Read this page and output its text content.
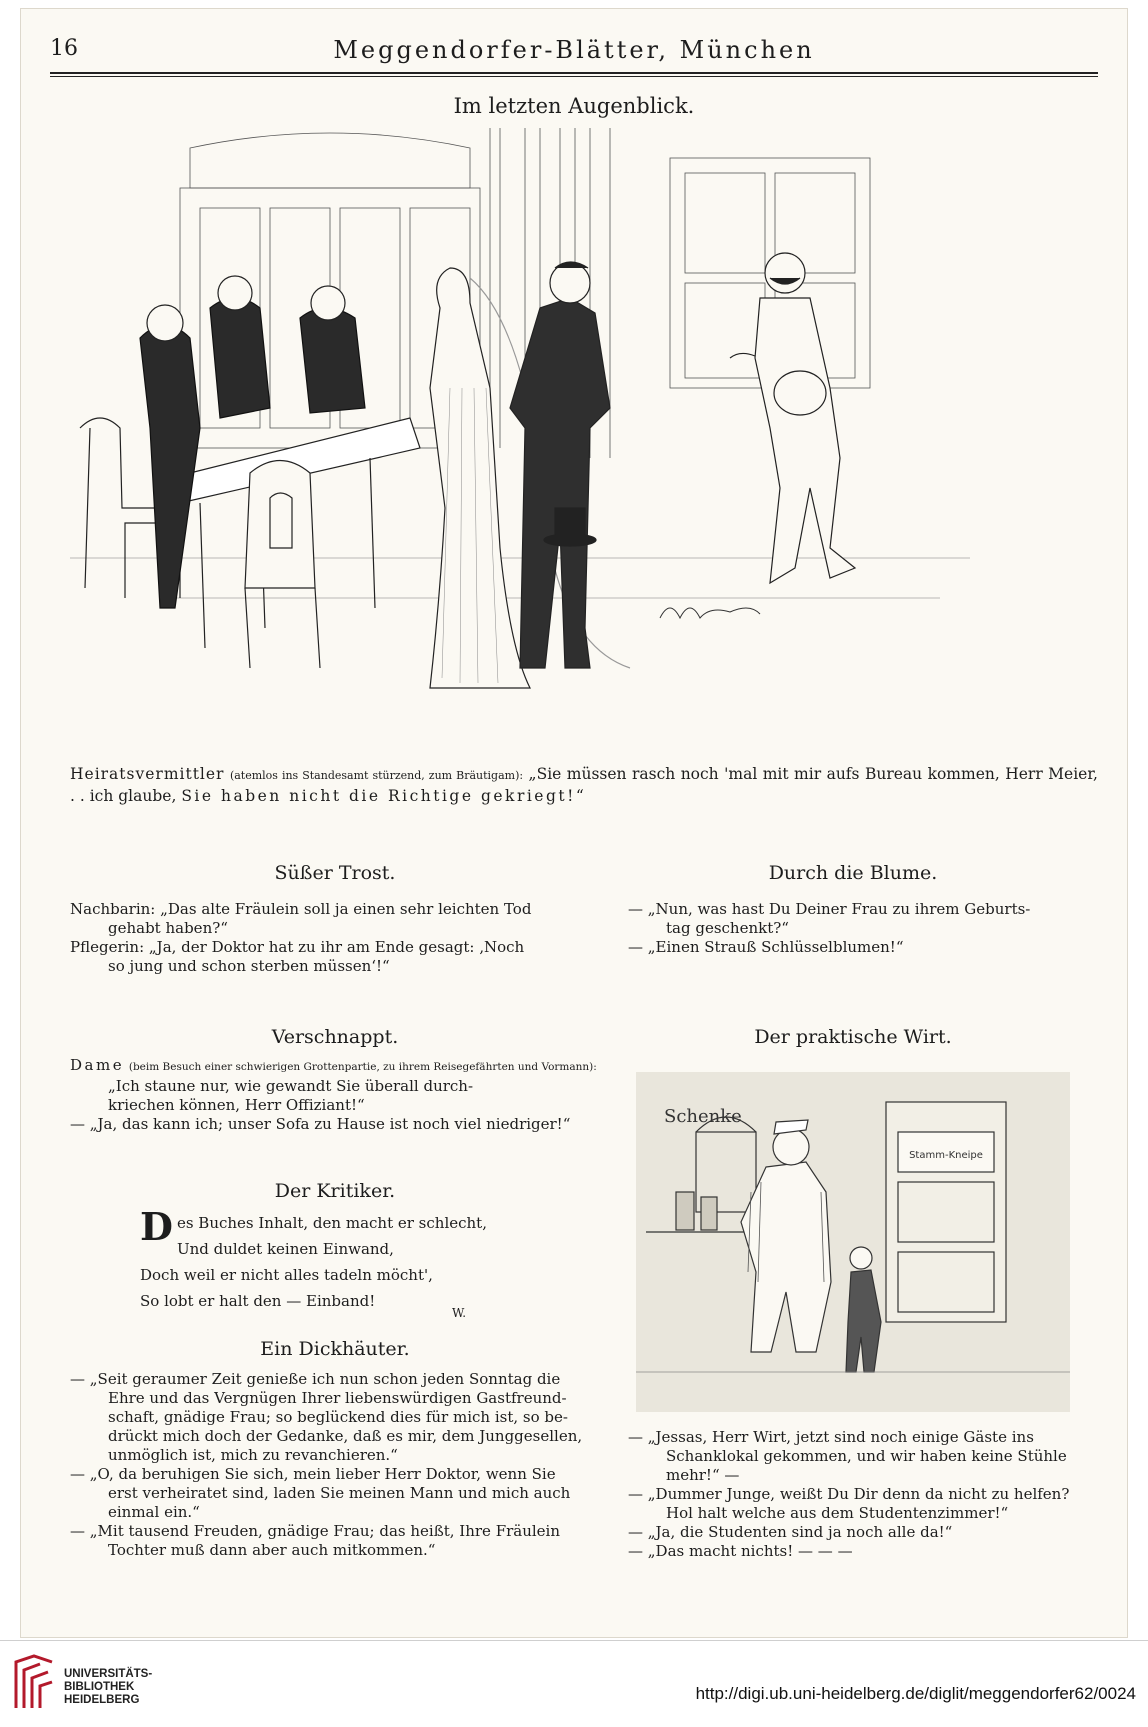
16	Meggendorfer-Blätter, München
Im letzten Augenblick.
Heiratsvermittler (atemlos ins Standesamt stürzend, zum Bräutigam): „Sie müssen rasch noch 'mal mit mir aufs Bureau kommen, Herr Meier, . . ich glaube, Sie haben nicht die Richtige gekriegt!“
Süßer Trost.
Nachbarin: „Das alte Fräulein soll ja einen sehr leichten Tod
gehabt haben?“
Pflegerin: „Ja, der Doktor hat zu ihr am Ende gesagt: ‚Noch
so jung und schon sterben müssen‘!“
Durch die Blume.
— „Nun, was hast Du Deiner Frau zu ihrem Geburts-
tag geschenkt?“
— „Einen Strauß Schlüsselblumen!“
Verschnappt.
Dame (beim Besuch einer schwierigen Grottenpartie, zu ihrem Reisegefährten und Vormann):
„Ich staune nur, wie gewandt Sie überall durch-
kriechen können, Herr Offiziant!“
— „Ja, das kann ich; unser Sofa zu Hause ist noch viel niedriger!“
Der praktische Wirt.
Schenke
Stamm-Kneipe
Der Kritiker.
D es Buches Inhalt, den macht er schlecht,
Und duldet keinen Einwand,
Doch weil er nicht alles tadeln möcht',
So lobt er halt den — Einband!
W.
Ein Dickhäuter.
— „Seit geraumer Zeit genieße ich nun schon jeden Sonntag die
Ehre und das Vergnügen Ihrer liebenswürdigen Gastfreund-
schaft, gnädige Frau; so beglückend dies für mich ist, so be-
drückt mich doch der Gedanke, daß es mir, dem Junggesellen,
unmöglich ist, mich zu revanchieren.“
— „O, da beruhigen Sie sich, mein lieber Herr Doktor, wenn Sie
erst verheiratet sind, laden Sie meinen Mann und mich auch
einmal ein.“
— „Mit tausend Freuden, gnädige Frau; das heißt, Ihre Fräulein
Tochter muß dann aber auch mitkommen.“
— „Jessas, Herr Wirt, jetzt sind noch einige Gäste ins
Schanklokal gekommen, und wir haben keine Stühle
mehr!“ —
— „Dummer Junge, weißt Du Dir denn da nicht zu helfen?
Hol halt welche aus dem Studentenzimmer!“
— „Ja, die Studenten sind ja noch alle da!“
— „Das macht nichts! — — —
UNIVERSITÄTS-
BIBLIOTHEK
HEIDELBERG	http://digi.ub.uni-heidelberg.de/diglit/meggendorfer62/0024
